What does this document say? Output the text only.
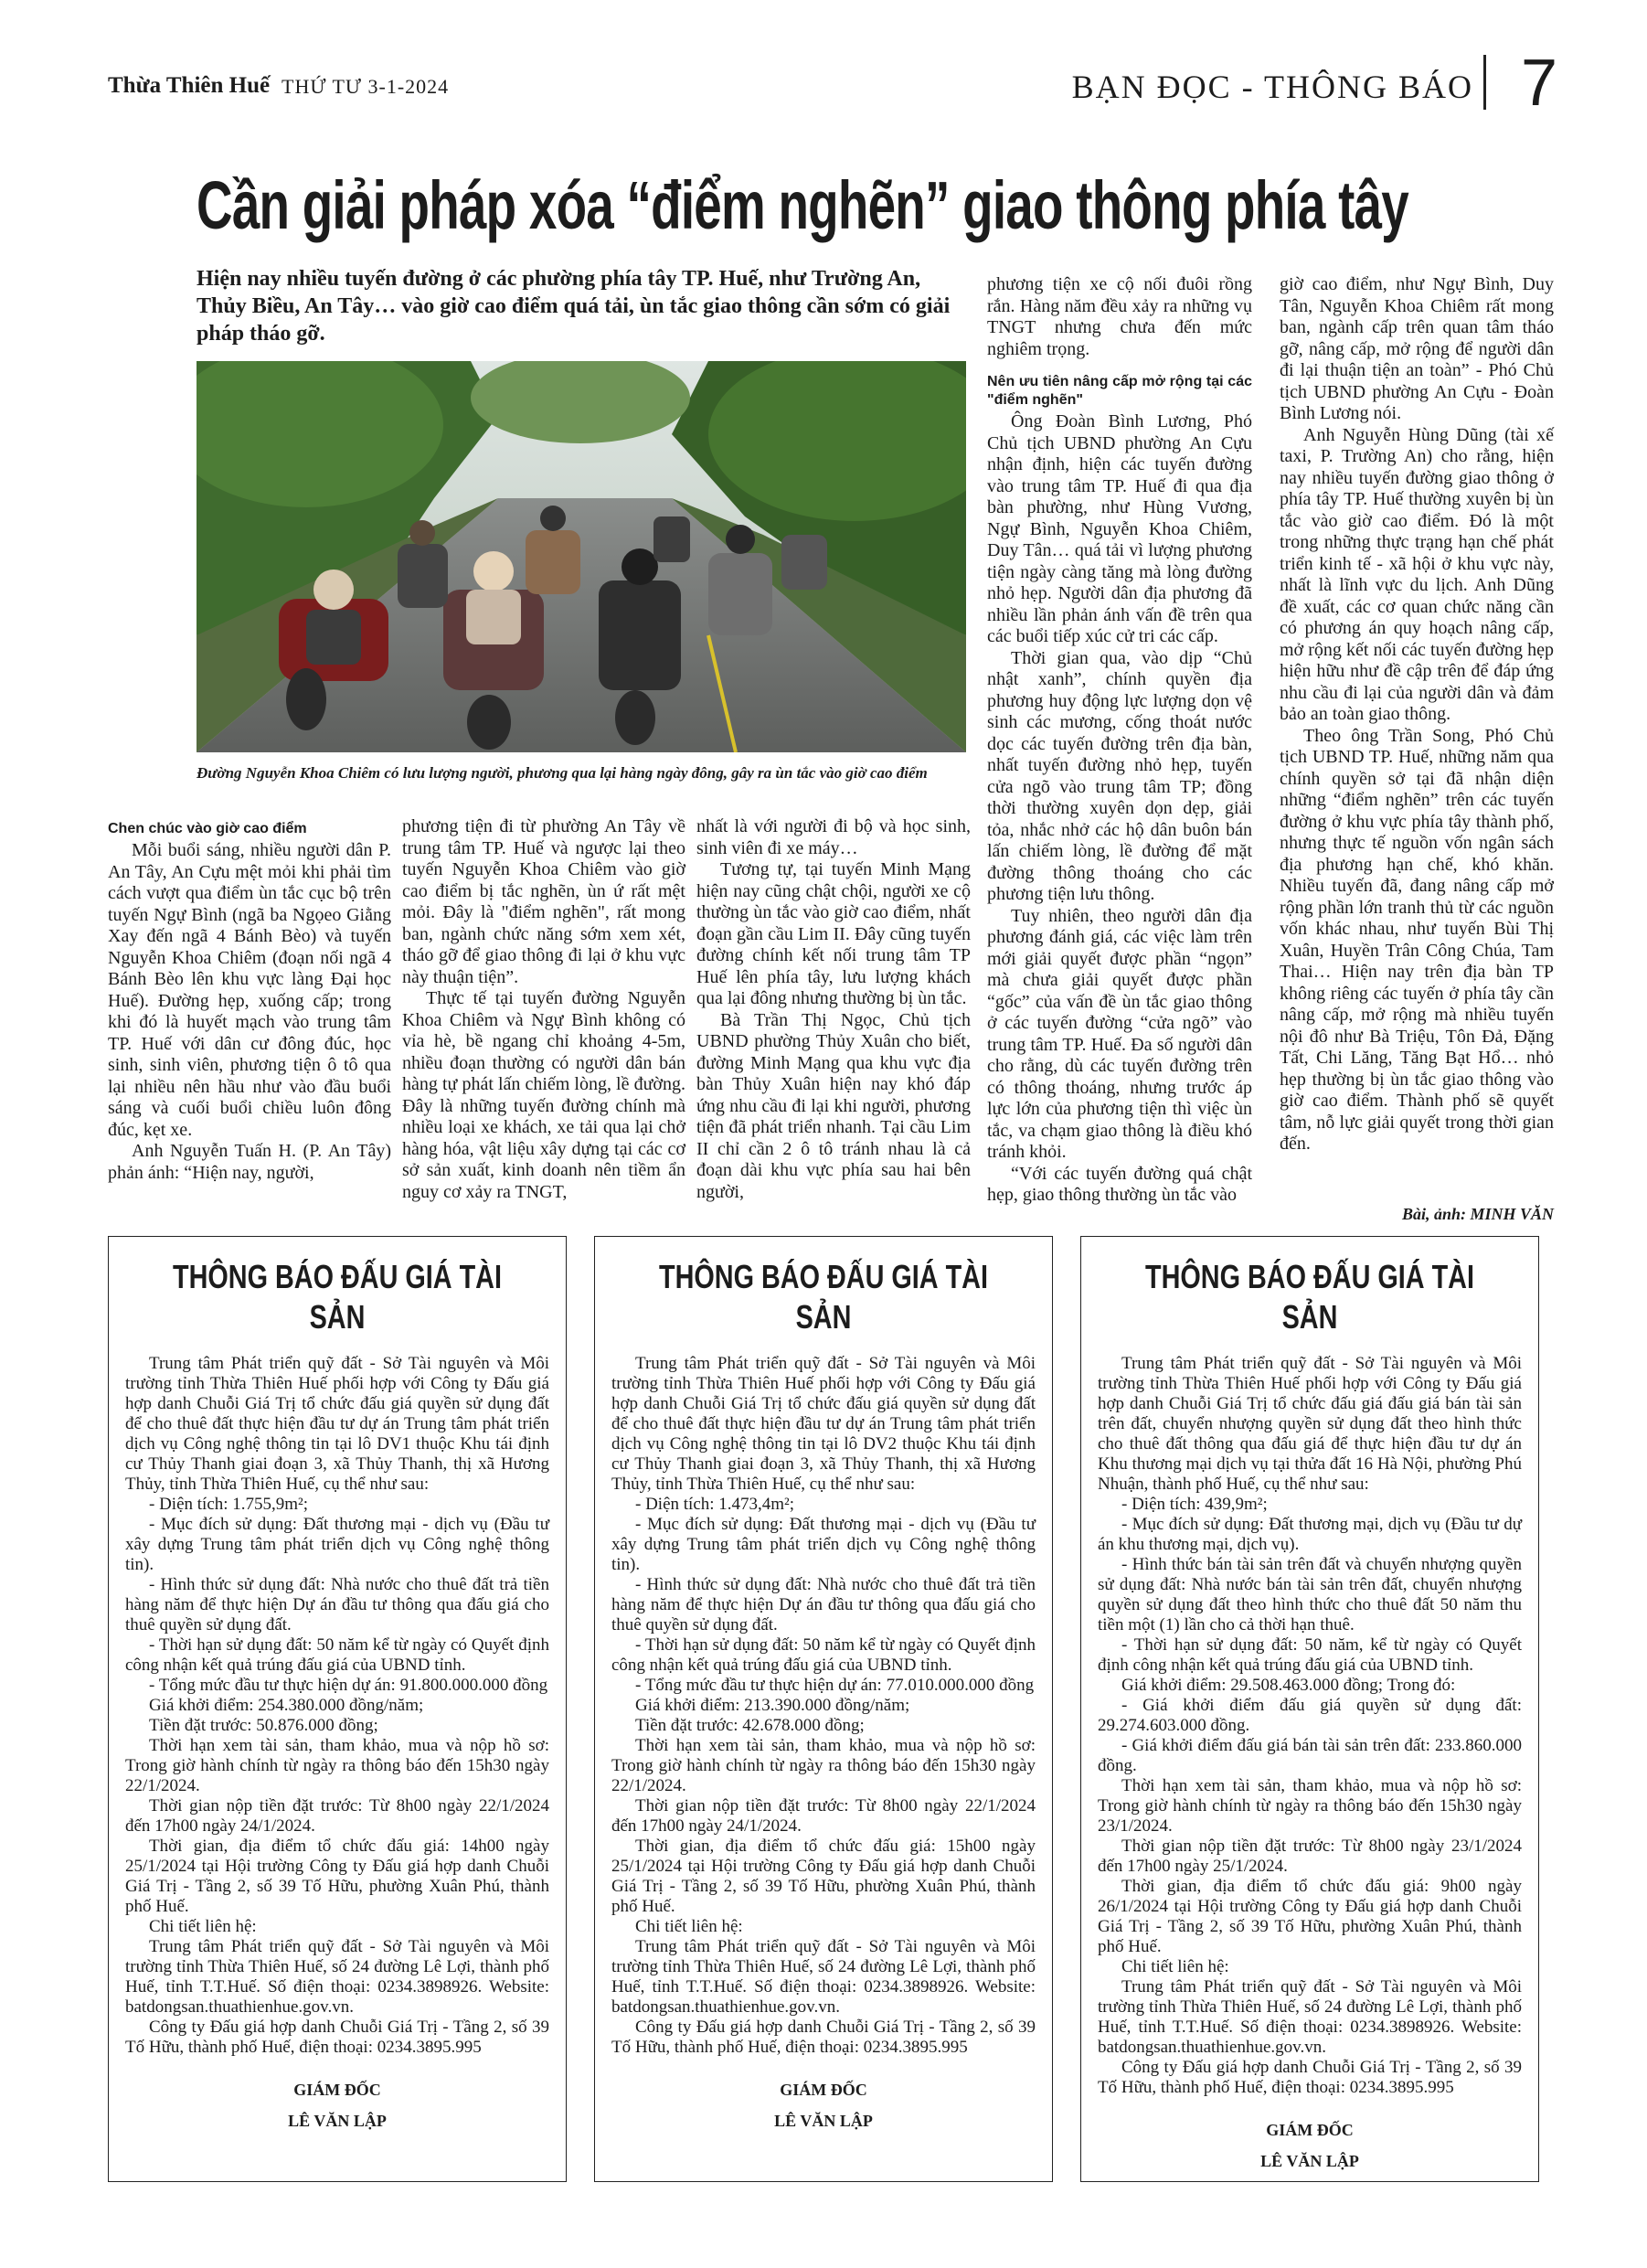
Thừa Thiên Huế THỨ TƯ 3-1-2024	BẠN ĐỌC - THÔNG BÁO 7
Cần giải pháp xóa “điểm nghẽn” giao thông phía tây
Hiện nay nhiều tuyến đường ở các phường phía tây TP. Huế, như Trường An, Thủy Biều, An Tây… vào giờ cao điểm quá tải, ùn tắc giao thông cần sớm có giải pháp tháo gỡ.
Đường Nguyễn Khoa Chiêm có lưu lượng người, phương qua lại hàng ngày đông, gây ra ùn tắc vào giờ cao điểm
Chen chúc vào giờ cao điểm

Mỗi buổi sáng, nhiều người dân P. An Tây, An Cựu mệt mỏi khi phải tìm cách vượt qua điểm ùn tắc cục bộ trên tuyến Ngự Bình (ngã ba Ngọeo Giằng Xay đến ngã 4 Bánh Bèo) và tuyến Nguyễn Khoa Chiêm (đoạn nối ngã 4 Bánh Bèo lên khu vực làng Đại học Huế). Đường hẹp, xuống cấp; trong khi đó là huyết mạch vào trung tâm TP. Huế với dân cư đông đúc, học sinh, sinh viên, phương tiện ô tô qua lại nhiều nên hầu như vào đầu buổi sáng và cuối buổi chiều luôn đông đúc, kẹt xe.

Anh Nguyễn Tuấn H. (P. An Tây) phản ánh: “Hiện nay, người,

phương tiện đi từ phường An Tây về trung tâm TP. Huế và ngược lại theo tuyến Nguyễn Khoa Chiêm vào giờ cao điểm bị tắc nghẽn, ùn ứ rất mệt mỏi. Đây là "điểm nghẽn", rất mong ban, ngành chức năng sớm xem xét, tháo gỡ để giao thông đi lại ở khu vực này thuận tiện”.

Thực tế tại tuyến đường Nguyễn Khoa Chiêm và Ngự Bình không có vỉa hè, bề ngang chỉ khoảng 4-5m, nhiều đoạn thường có người dân bán hàng tự phát lấn chiếm lòng, lề đường. Đây là những tuyến đường chính mà nhiều loại xe khách, xe tải qua lại chở hàng hóa, vật liệu xây dựng tại các cơ sở sản xuất, kinh doanh nên tiềm ẩn nguy cơ xảy ra TNGT,

nhất là với người đi bộ và học sinh, sinh viên đi xe máy…

Tương tự, tại tuyến Minh Mạng hiện nay cũng chật chội, người xe cộ thường ùn tắc vào giờ cao điểm, nhất đoạn gần cầu Lim II. Đây cũng tuyến đường chính kết nối trung tâm TP Huế lên phía tây, lưu lượng khách qua lại đông nhưng thường bị ùn tắc.

Bà Trần Thị Ngọc, Chủ tịch UBND phường Thủy Xuân cho biết, đường Minh Mạng qua khu vực địa bàn Thủy Xuân hiện nay khó đáp ứng nhu cầu đi lại khi người, phương tiện đã phát triển nhanh. Tại cầu Lim II chỉ cần 2 ô tô tránh nhau là cả đoạn dài khu vực phía sau hai bên người,

phương tiện xe cộ nối đuôi rồng rắn. Hàng năm đều xảy ra những vụ TNGT nhưng chưa đến mức nghiêm trọng.

Nên ưu tiên nâng cấp mở rộng tại các "điểm nghẽn"

Ông Đoàn Bình Lương, Phó Chủ tịch UBND phường An Cựu nhận định, hiện các tuyến đường vào trung tâm TP. Huế đi qua địa bàn phường, như Hùng Vương, Ngự Bình, Nguyễn Khoa Chiêm, Duy Tân… quá tải vì lượng phương tiện ngày càng tăng mà lòng đường nhỏ hẹp. Người dân địa phương đã nhiều lần phản ánh vấn đề trên qua các buổi tiếp xúc cử tri các cấp.

Thời gian qua, vào dịp “Chủ nhật xanh”, chính quyền địa phương huy động lực lượng dọn vệ sinh các mương, cống thoát nước dọc các tuyến đường trên địa bàn, nhất tuyến đường nhỏ hẹp, tuyến cửa ngõ vào trung tâm TP; đồng thời thường xuyên dọn dẹp, giải tỏa, nhắc nhở các hộ dân buôn bán lấn chiếm lòng, lề đường để mặt đường thông thoáng cho các phương tiện lưu thông.

Tuy nhiên, theo người dân địa phương đánh giá, các việc làm trên mới giải quyết được phần “ngọn” mà chưa giải quyết được phần “gốc” của vấn đề ùn tắc giao thông ở các tuyến đường “cửa ngõ” vào trung tâm TP. Huế. Đa số người dân cho rằng, dù các tuyến đường trên có thông thoáng, nhưng trước áp lực lớn của phương tiện thì việc ùn tắc, va chạm giao thông là điều khó tránh khỏi.

“Với các tuyến đường quá chật hẹp, giao thông thường ùn tắc vào

giờ cao điểm, như Ngự Bình, Duy Tân, Nguyễn Khoa Chiêm rất mong ban, ngành cấp trên quan tâm tháo gỡ, nâng cấp, mở rộng để người dân đi lại thuận tiện an toàn” - Phó Chủ tịch UBND phường An Cựu - Đoàn Bình Lương nói.

Anh Nguyễn Hùng Dũng (tài xế taxi, P. Trường An) cho rằng, hiện nay nhiều tuyến đường giao thông ở phía tây TP. Huế thường xuyên bị ùn tắc vào giờ cao điểm. Đó là một trong những thực trạng hạn chế phát triển kinh tế - xã hội ở khu vực này, nhất là lĩnh vực du lịch. Anh Dũng đề xuất, các cơ quan chức năng cần có phương án quy hoạch nâng cấp, mở rộng kết nối các tuyến đường hẹp hiện hữu như đề cập trên để đáp ứng nhu cầu đi lại của người dân và đảm bảo an toàn giao thông.

Theo ông Trần Song, Phó Chủ tịch UBND TP. Huế, những năm qua chính quyền sở tại đã nhận diện những “điểm nghẽn” trên các tuyến đường ở khu vực phía tây thành phố, nhưng thực tế nguồn vốn ngân sách địa phương hạn chế, khó khăn. Nhiều tuyến đã, đang nâng cấp mở rộng phần lớn tranh thủ từ các nguồn vốn khác nhau, như tuyến Bùi Thị Xuân, Huyền Trân Công Chúa, Tam Thai… Hiện nay trên địa bàn TP không riêng các tuyến ở phía tây cần nâng cấp, mở rộng mà nhiều tuyến nội đô như Bà Triệu, Tôn Đả, Đặng Tất, Chi Lăng, Tăng Bạt Hổ… nhỏ hẹp thường bị ùn tắc giao thông vào giờ cao điểm. Thành phố sẽ quyết tâm, nỗ lực giải quyết trong thời gian đến.

Bài, ảnh: MINH VĂN
THÔNG BÁO ĐẤU GIÁ TÀI SẢN
Trung tâm Phát triển quỹ đất - Sở Tài nguyên và Môi trường tỉnh Thừa Thiên Huế phối hợp với Công ty Đấu giá hợp danh Chuỗi Giá Trị tổ chức đấu giá quyền sử dụng đất để cho thuê đất thực hiện đầu tư dự án Trung tâm phát triển dịch vụ Công nghệ thông tin tại lô DV1 thuộc Khu tái định cư Thủy Thanh giai đoạn 3, xã Thủy Thanh, thị xã Hương Thủy, tỉnh Thừa Thiên Huế, cụ thể như sau:
- Diện tích: 1.755,9m²;
- Mục đích sử dụng: Đất thương mại - dịch vụ (Đầu tư xây dựng Trung tâm phát triển dịch vụ Công nghệ thông tin).
- Hình thức sử dụng đất: Nhà nước cho thuê đất trả tiền hàng năm để thực hiện Dự án đầu tư thông qua đấu giá cho thuê quyền sử dụng đất.
- Thời hạn sử dụng đất: 50 năm kể từ ngày có Quyết định công nhận kết quả trúng đấu giá của UBND tỉnh.
- Tổng mức đầu tư thực hiện dự án: 91.800.000.000 đồng
Giá khởi điểm: 254.380.000 đồng/năm;
Tiền đặt trước: 50.876.000 đồng;
Thời hạn xem tài sản, tham khảo, mua và nộp hồ sơ: Trong giờ hành chính từ ngày ra thông báo đến 15h30 ngày 22/1/2024.
Thời gian nộp tiền đặt trước: Từ 8h00 ngày 22/1/2024 đến 17h00 ngày 24/1/2024.
Thời gian, địa điểm tổ chức đấu giá: 14h00 ngày 25/1/2024 tại Hội trường Công ty Đấu giá hợp danh Chuỗi Giá Trị - Tầng 2, số 39 Tố Hữu, phường Xuân Phú, thành phố Huế.
Chi tiết liên hệ:
Trung tâm Phát triển quỹ đất - Sở Tài nguyên và Môi trường tỉnh Thừa Thiên Huế, số 24 đường Lê Lợi, thành phố Huế, tỉnh T.T.Huế. Số điện thoại: 0234.3898926. Website: batdongsan.thuathienhue.gov.vn.
Công ty Đấu giá hợp danh Chuỗi Giá Trị - Tầng 2, số 39 Tố Hữu, thành phố Huế, điện thoại: 0234.3895.995
GIÁM ĐỐC
LÊ VĂN LẬP
THÔNG BÁO ĐẤU GIÁ TÀI SẢN
Trung tâm Phát triển quỹ đất - Sở Tài nguyên và Môi trường tỉnh Thừa Thiên Huế phối hợp với Công ty Đấu giá hợp danh Chuỗi Giá Trị tổ chức đấu giá quyền sử dụng đất để cho thuê đất thực hiện đầu tư dự án Trung tâm phát triển dịch vụ Công nghệ thông tin tại lô DV2 thuộc Khu tái định cư Thủy Thanh giai đoạn 3, xã Thủy Thanh, thị xã Hương Thủy, tỉnh Thừa Thiên Huế, cụ thể như sau:
- Diện tích: 1.473,4m²;
- Mục đích sử dụng: Đất thương mại - dịch vụ (Đầu tư xây dựng Trung tâm phát triển dịch vụ Công nghệ thông tin).
- Hình thức sử dụng đất: Nhà nước cho thuê đất trả tiền hàng năm để thực hiện Dự án đầu tư thông qua đấu giá cho thuê quyền sử dụng đất.
- Thời hạn sử dụng đất: 50 năm kể từ ngày có Quyết định công nhận kết quả trúng đấu giá của UBND tỉnh.
- Tổng mức đầu tư thực hiện dự án: 77.010.000.000 đồng
Giá khởi điểm: 213.390.000 đồng/năm;
Tiền đặt trước: 42.678.000 đồng;
Thời hạn xem tài sản, tham khảo, mua và nộp hồ sơ: Trong giờ hành chính từ ngày ra thông báo đến 15h30 ngày 22/1/2024.
Thời gian nộp tiền đặt trước: Từ 8h00 ngày 22/1/2024 đến 17h00 ngày 24/1/2024.
Thời gian, địa điểm tổ chức đấu giá: 15h00 ngày 25/1/2024 tại Hội trường Công ty Đấu giá hợp danh Chuỗi Giá Trị - Tầng 2, số 39 Tố Hữu, phường Xuân Phú, thành phố Huế.
Chi tiết liên hệ:
Trung tâm Phát triển quỹ đất - Sở Tài nguyên và Môi trường tỉnh Thừa Thiên Huế, số 24 đường Lê Lợi, thành phố Huế, tỉnh T.T.Huế. Số điện thoại: 0234.3898926. Website: batdongsan.thuathienhue.gov.vn.
Công ty Đấu giá hợp danh Chuỗi Giá Trị - Tầng 2, số 39 Tố Hữu, thành phố Huế, điện thoại: 0234.3895.995
GIÁM ĐỐC
LÊ VĂN LẬP
THÔNG BÁO ĐẤU GIÁ TÀI SẢN
Trung tâm Phát triển quỹ đất - Sở Tài nguyên và Môi trường tỉnh Thừa Thiên Huế phối hợp với Công ty Đấu giá hợp danh Chuỗi Giá Trị tổ chức đấu giá đấu giá bán tài sản trên đất, chuyển nhượng quyền sử dụng đất theo hình thức cho thuê đất thông qua đấu giá để thực hiện đầu tư dự án Khu thương mại dịch vụ tại thửa đất 16 Hà Nội, phường Phú Nhuận, thành phố Huế, cụ thể như sau:
- Diện tích: 439,9m²;
- Mục đích sử dụng: Đất thương mại, dịch vụ (Đầu tư dự án khu thương mại, dịch vụ).
- Hình thức bán tài sản trên đất và chuyển nhượng quyền sử dụng đất: Nhà nước bán tài sản trên đất, chuyển nhượng quyền sử dụng đất theo hình thức cho thuê đất 50 năm thu tiền một (1) lần cho cả thời hạn thuê.
- Thời hạn sử dụng đất: 50 năm, kể từ ngày có Quyết định công nhận kết quả trúng đấu giá của UBND tỉnh.
Giá khởi điểm: 29.508.463.000 đồng; Trong đó:
- Giá khởi điểm đấu giá quyền sử dụng đất: 29.274.603.000 đồng.
- Giá khởi điểm đấu giá bán tài sản trên đất: 233.860.000 đồng.
Thời hạn xem tài sản, tham khảo, mua và nộp hồ sơ: Trong giờ hành chính từ ngày ra thông báo đến 15h30 ngày 23/1/2024.
Thời gian nộp tiền đặt trước: Từ 8h00 ngày 23/1/2024 đến 17h00 ngày 25/1/2024.
Thời gian, địa điểm tổ chức đấu giá: 9h00 ngày 26/1/2024 tại Hội trường Công ty Đấu giá hợp danh Chuỗi Giá Trị - Tầng 2, số 39 Tố Hữu, phường Xuân Phú, thành phố Huế.
Chi tiết liên hệ:
Trung tâm Phát triển quỹ đất - Sở Tài nguyên và Môi trường tỉnh Thừa Thiên Huế, số 24 đường Lê Lợi, thành phố Huế, tỉnh T.T.Huế. Số điện thoại: 0234.3898926. Website: batdongsan.thuathienhue.gov.vn.
Công ty Đấu giá hợp danh Chuỗi Giá Trị - Tầng 2, số 39 Tố Hữu, thành phố Huế, điện thoại: 0234.3895.995
GIÁM ĐỐC
LÊ VĂN LẬP
